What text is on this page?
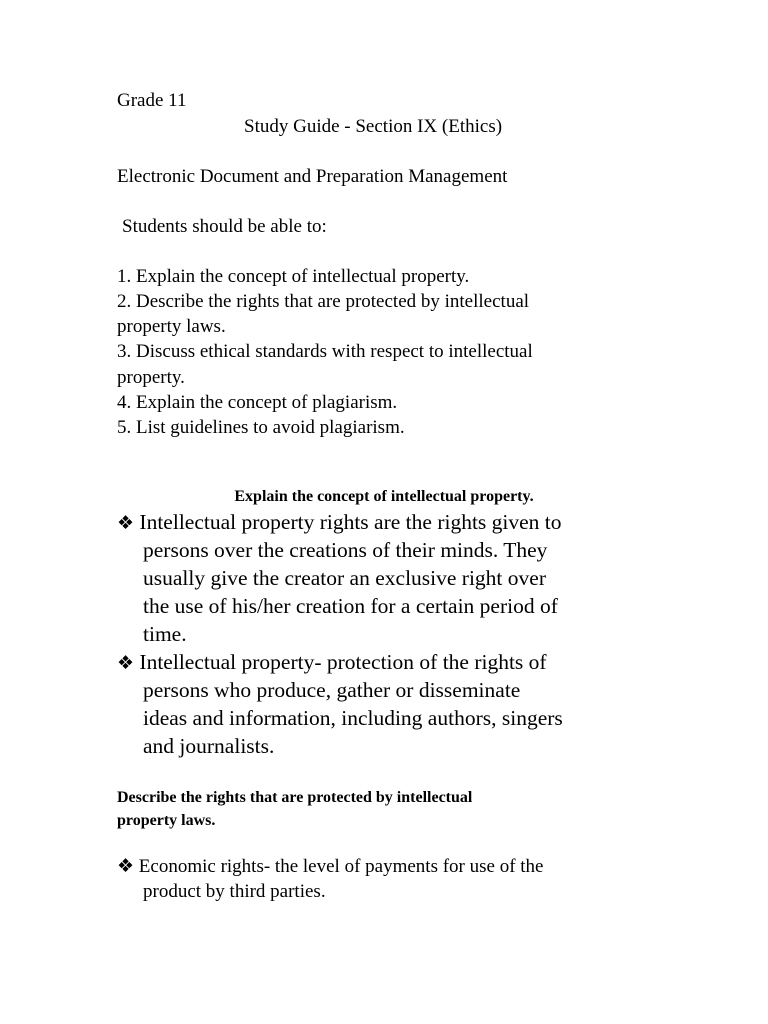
Grade 11
Study Guide - Section IX (Ethics)
Electronic Document and Preparation Management
Students should be able to:
1. Explain the concept of intellectual property.
2. Describe the rights that are protected by intellectual
property laws.
3. Discuss ethical standards with respect to intellectual
property.
4. Explain the concept of plagiarism.
5. List guidelines to avoid plagiarism.
Explain the concept of intellectual property.
❖ Intellectual property rights are the rights given to
persons over the creations of their minds. They
usually give the creator an exclusive right over
the use of his/her creation for a certain period of
time.
❖ Intellectual property- protection of the rights of
persons who produce, gather or disseminate
ideas and information, including authors, singers
and journalists.
Describe the rights that are protected by intellectual
property laws.
❖ Economic rights- the level of payments for use of the
product by third parties.
